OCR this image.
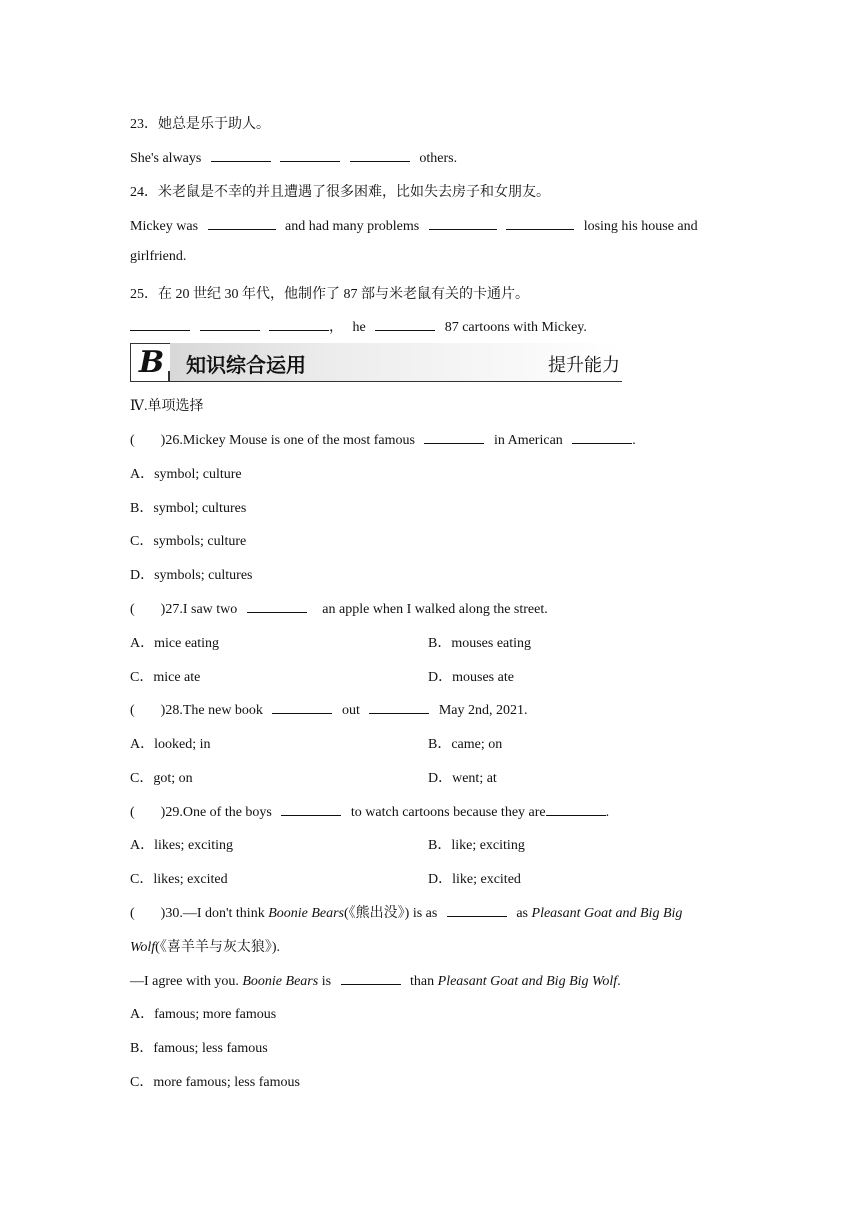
23．她总是乐于助人。
She's always	others.
24．米老鼠是不幸的并且遭遇了很多困难，比如失去房子和女朋友。
Mickey was	and had many problems	losing his house and
girlfriend.
25．在 20 世纪 30 年代，他制作了 87 部与米老鼠有关的卡通片。
， he	87 cartoons with Mickey.
B 知识综合运用	提升能力
Ⅳ.单项选择
( )26.Mickey Mouse is one of the most famous	in American	.
A．symbol; culture
B．symbol; cultures
C．symbols; culture
D．symbols; cultures
( )27.I saw two	an apple when I walked along the street.
A．mice eating	B．mouses eating
C．mice ate	D．mouses ate
( )28.The new book	out	May 2nd, 2021.
A．looked; in	B．came; on
C．got; on	D．went; at
( )29.One of the boys	to watch cartoons because they are	.
A．likes; exciting	B．like; exciting
C．likes; excited	D．like; excited
( )30.—I don't think Boonie Bears(《熊出没》) is as	as Pleasant Goat and Big Big
Wolf(《喜羊羊与灰太狼》).
—I agree with you. Boonie Bears is	than Pleasant Goat and Big Big Wolf.
A．famous; more famous
B．famous; less famous
C．more famous; less famous
